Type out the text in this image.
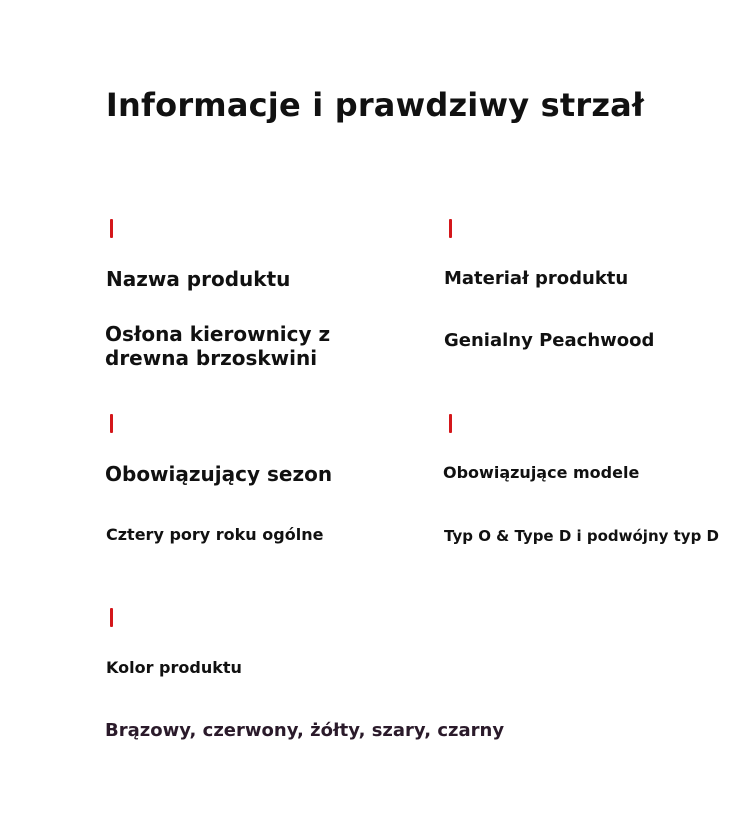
Informacje i prawdziwy strzał
Nazwa produktu
Osłona kierownicy z drewna brzoskwini
Materiał produktu
Genialny Peachwood
Obowiązujący sezon
Cztery pory roku ogólne
Obowiązujące modele
Typ O & Type D i podwójny typ D
Kolor produktu
Brązowy, czerwony, żółty, szary, czarny
